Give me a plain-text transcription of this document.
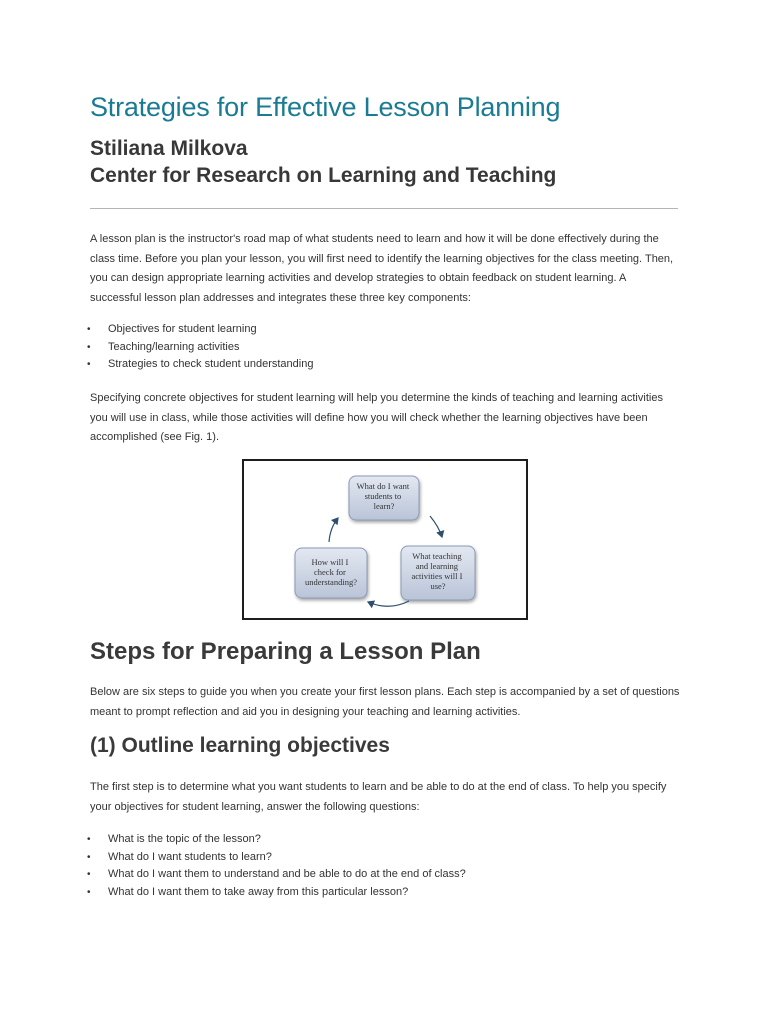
Strategies for Effective Lesson Planning
Stiliana Milkova
Center for Research on Learning and Teaching

A lesson plan is the instructor's road map of what students need to learn and how it will be done effectively during the class time. Before you plan your lesson, you will first need to identify the learning objectives for the class meeting. Then, you can design appropriate learning activities and develop strategies to obtain feedback on student learning. A successful lesson plan addresses and integrates these three key components:

• Objectives for student learning
• Teaching/learning activities
• Strategies to check student understanding

Specifying concrete objectives for student learning will help you determine the kinds of teaching and learning activities you will use in class, while those activities will define how you will check whether the learning objectives have been accomplished (see Fig. 1).

What do I want students to learn?
What teaching and learning activities will I use?
How will I check for understanding?
Steps for Preparing a Lesson Plan

Below are six steps to guide you when you create your first lesson plans. Each step is accompanied by a set of questions meant to prompt reflection and aid you in designing your teaching and learning activities.

(1) Outline learning objectives

The first step is to determine what you want students to learn and be able to do at the end of class. To help you specify your objectives for student learning, answer the following questions:

• What is the topic of the lesson?
• What do I want students to learn?
• What do I want them to understand and be able to do at the end of class?
• What do I want them to take away from this particular lesson?
